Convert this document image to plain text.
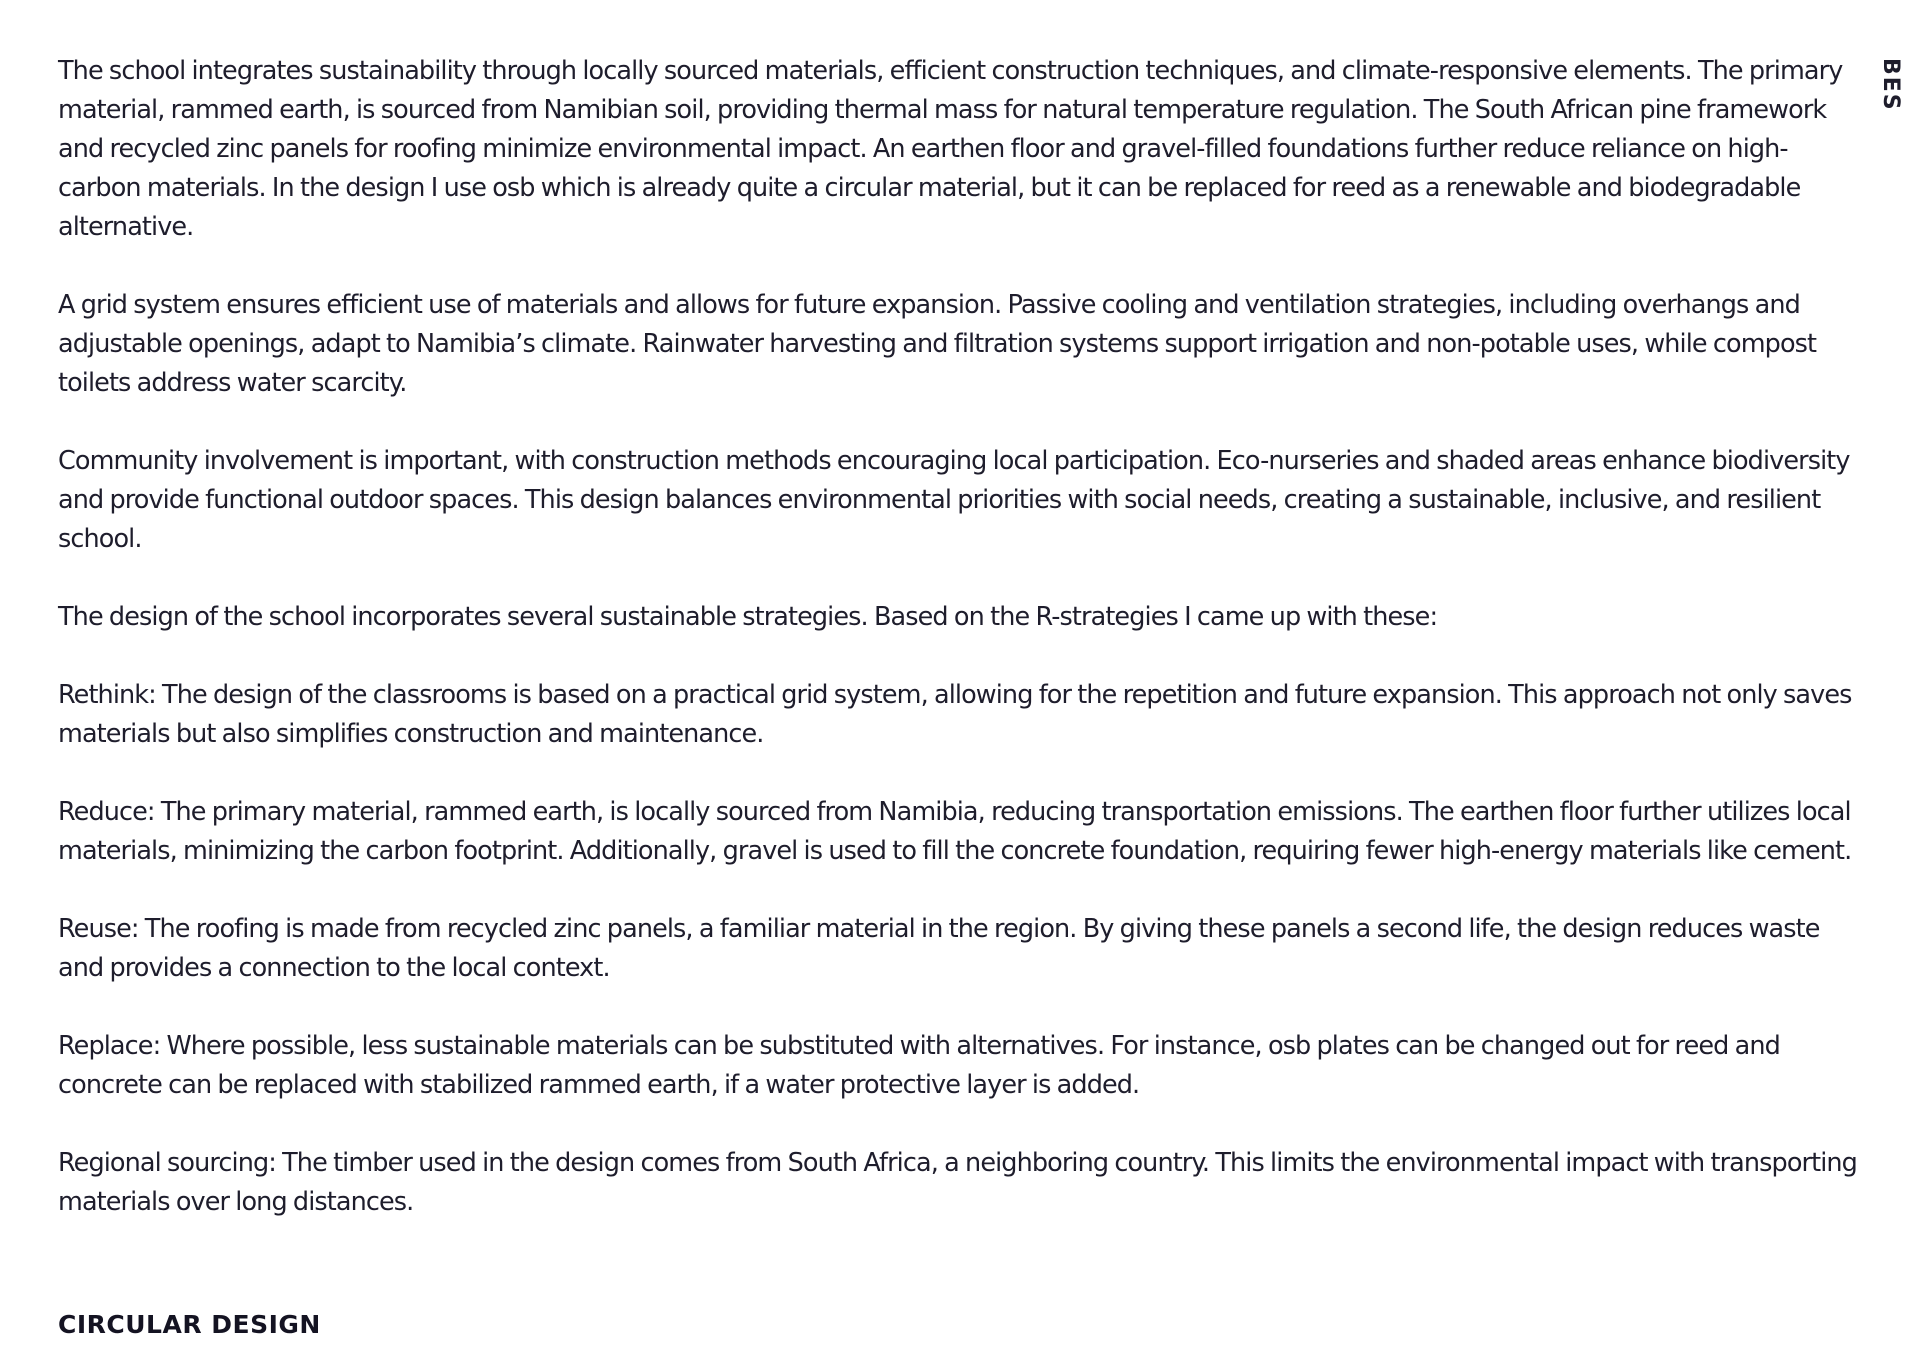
BES

The school integrates sustainability through locally sourced materials, efficient construction techniques, and climate-responsive elements. The primary material, rammed earth, is sourced from Namibian soil, providing thermal mass for natural temperature regulation. The South African pine framework and recycled zinc panels for roofing minimize environmental impact. An earthen floor and gravel-filled foundations further reduce reliance on high-carbon materials. In the design I use osb which is already quite a circular material, but it can be replaced for reed as a renewable and biodegradable alternative.

A grid system ensures efficient use of materials and allows for future expansion. Passive cooling and ventilation strategies, including overhangs and adjustable openings, adapt to Namibia’s climate. Rainwater harvesting and filtration systems support irrigation and non-potable uses, while compost toilets address water scarcity.

Community involvement is important, with construction methods encouraging local participation. Eco-nurseries and shaded areas enhance biodiversity and provide functional outdoor spaces. This design balances environmental priorities with social needs, creating a sustainable, inclusive, and resilient school.

The design of the school incorporates several sustainable strategies. Based on the R-strategies I came up with these:

Rethink: The design of the classrooms is based on a practical grid system, allowing for the repetition and future expansion. This approach not only saves materials but also simplifies construction and maintenance.

Reduce: The primary material, rammed earth, is locally sourced from Namibia, reducing transportation emissions. The earthen floor further utilizes local materials, minimizing the carbon footprint. Additionally, gravel is used to fill the concrete foundation, requiring fewer high-energy materials like cement.

Reuse: The roofing is made from recycled zinc panels, a familiar material in the region. By giving these panels a second life, the design reduces waste and provides a connection to the local context.

Replace: Where possible, less sustainable materials can be substituted with alternatives. For instance, osb plates can be changed out for reed and concrete can be replaced with stabilized rammed earth, if a water protective layer is added.

Regional sourcing: The timber used in the design comes from South Africa, a neighboring country. This limits the environmental impact with transporting materials over long distances.

CIRCULAR DESIGN
